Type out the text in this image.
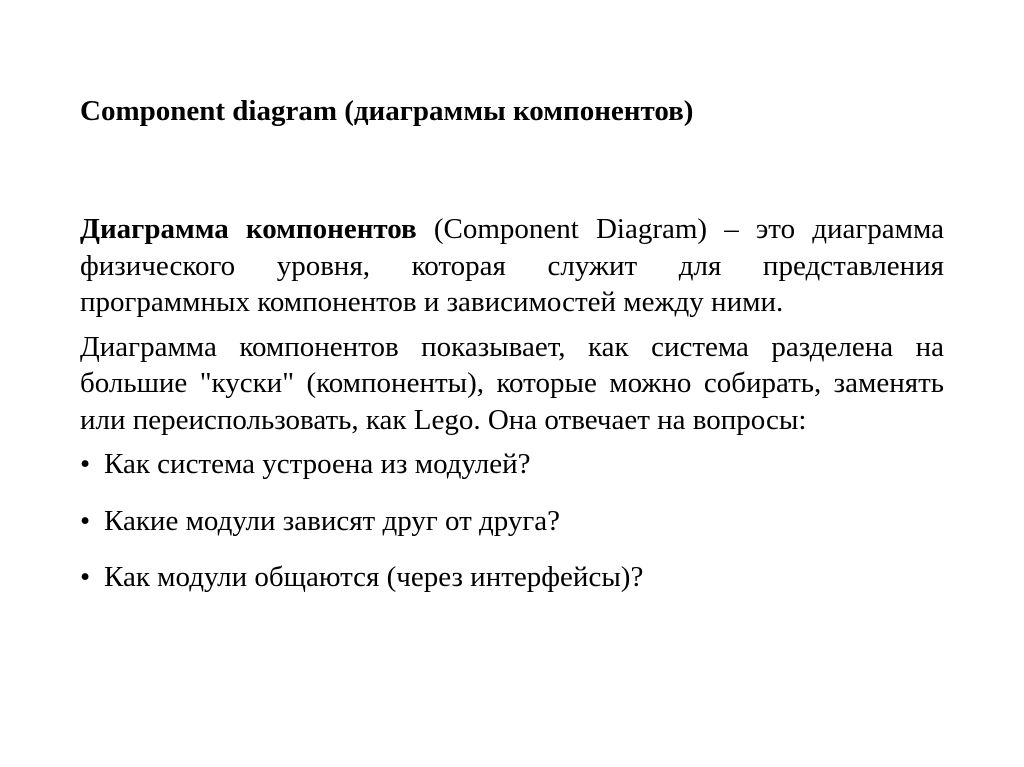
Component diagram (диаграммы компонентов)

Диаграмма компонентов (Component Diagram) – это диаграмма физического уровня, которая служит для представления программных компонентов и зависимостей между ними.

Диаграмма компонентов показывает, как система разделена на большие "куски" (компоненты), которые можно собирать, заменять или переиспользовать, как Lego. Она отвечает на вопросы:

• Как система устроена из модулей?
• Какие модули зависят друг от друга?
• Как модули общаются (через интерфейсы)?
